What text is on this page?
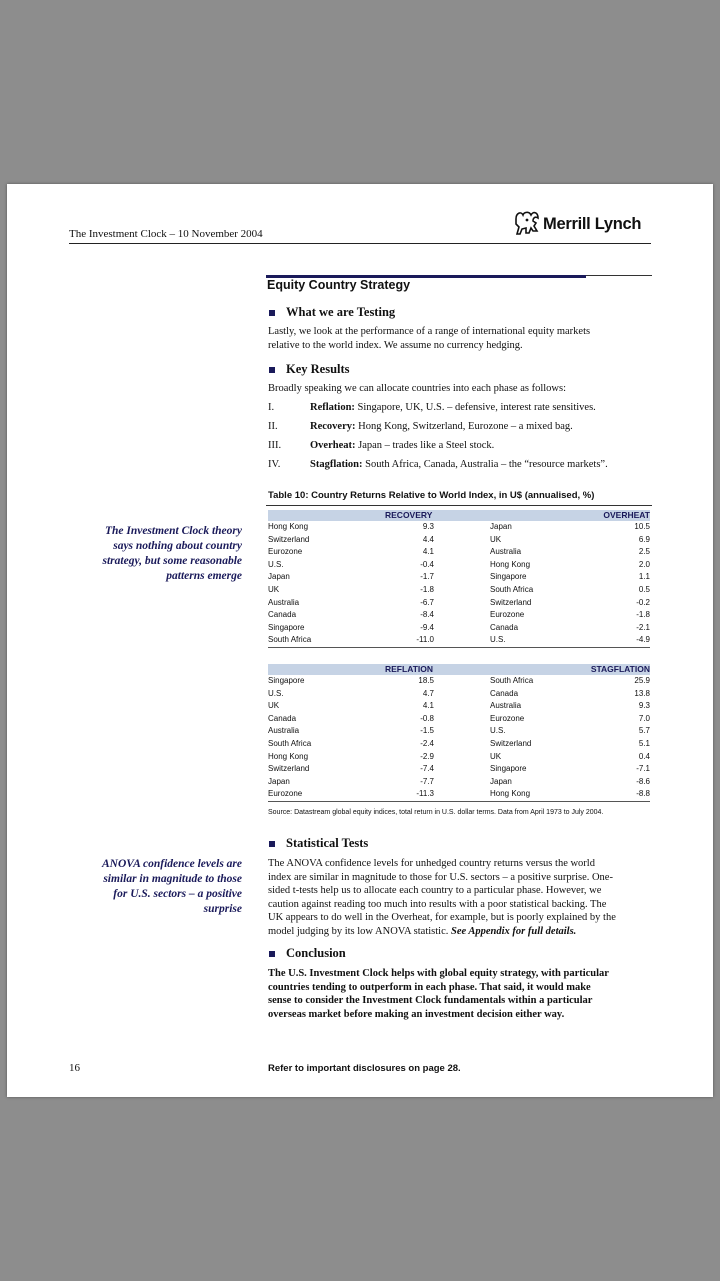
The Investment Clock – 10 November 2004
Merrill Lynch
Equity Country Strategy
What we are Testing
Lastly, we look at the performance of a range of international equity markets
relative to the world index. We assume no currency hedging.
Key Results
Broadly speaking we can allocate countries into each phase as follows:
I.	Reflation: Singapore, UK, U.S. – defensive, interest rate sensitives.
II.	Recovery: Hong Kong, Switzerland, Eurozone – a mixed bag.
III.	Overheat: Japan – trades like a Steel stock.
IV.	Stagflation: South Africa, Canada, Australia – the “resource markets”.
The Investment Clock theory
says nothing about country
strategy, but some reasonable
patterns emerge
Table 10: Country Returns Relative to World Index, in U$ (annualised, %)
RECOVERY	OVERHEAT
Hong Kong	9.3	Japan	10.5
Switzerland	4.4	UK	6.9
Eurozone	4.1	Australia	2.5
U.S.	-0.4	Hong Kong	2.0
Japan	-1.7	Singapore	1.1
UK	-1.8	South Africa	0.5
Australia	-6.7	Switzerland	-0.2
Canada	-8.4	Eurozone	-1.8
Singapore	-9.4	Canada	-2.1
South Africa	-11.0	U.S.	-4.9
REFLATION	STAGFLATION
Singapore	18.5	South Africa	25.9
U.S.	4.7	Canada	13.8
UK	4.1	Australia	9.3
Canada	-0.8	Eurozone	7.0
Australia	-1.5	U.S.	5.7
South Africa	-2.4	Switzerland	5.1
Hong Kong	-2.9	UK	0.4
Switzerland	-7.4	Singapore	-7.1
Japan	-7.7	Japan	-8.6
Eurozone	-11.3	Hong Kong	-8.8
Source: Datastream global equity indices, total return in U.S. dollar terms. Data from April 1973 to July 2004.
Statistical Tests
ANOVA confidence levels are
similar in magnitude to those
for U.S. sectors – a positive
surprise
The ANOVA confidence levels for unhedged country returns versus the world
index are similar in magnitude to those for U.S. sectors – a positive surprise. One-
sided t-tests help us to allocate each country to a particular phase. However, we
caution against reading too much into results with a poor statistical backing. The
UK appears to do well in the Overheat, for example, but is poorly explained by the
model judging by its low ANOVA statistic. See Appendix for full details.
Conclusion
The U.S. Investment Clock helps with global equity strategy, with particular
countries tending to outperform in each phase. That said, it would make
sense to consider the Investment Clock fundamentals within a particular
overseas market before making an investment decision either way.
16	Refer to important disclosures on page 28.
